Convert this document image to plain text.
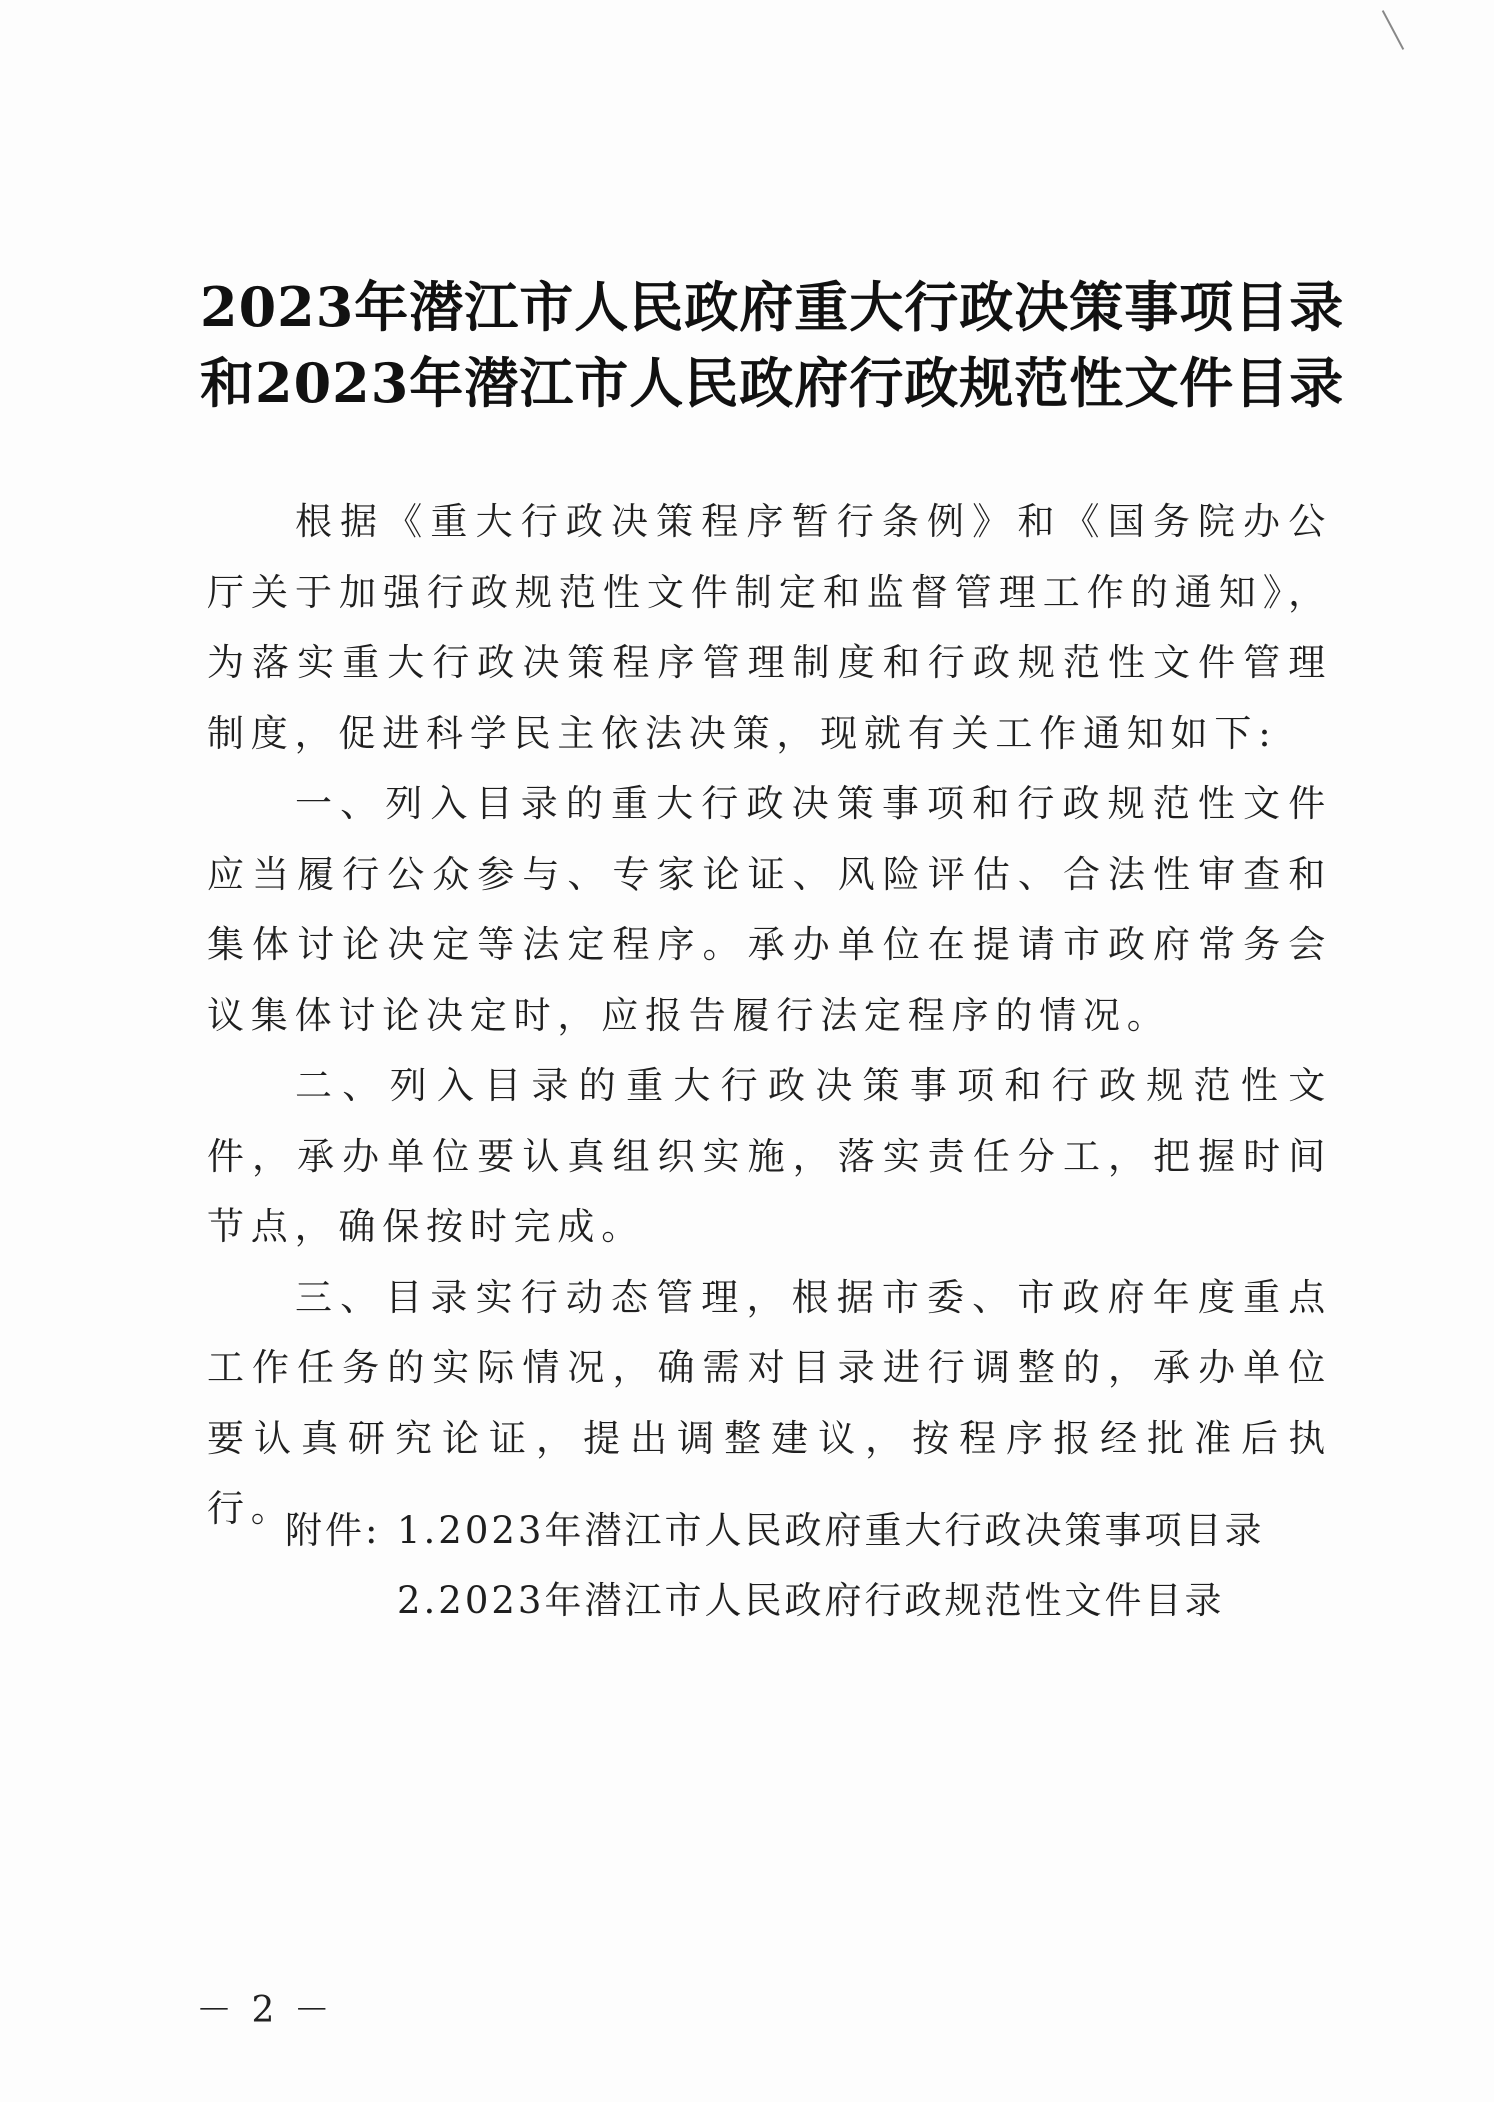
2023年潜江市人民政府重大行政决策事项目录
和2023年潜江市人民政府行政规范性文件目录

根据《重大行政决策程序暂行条例》和《国务院办公厅关于加强行政规范性文件制定和监督管理工作的通知》，为落实重大行政决策程序管理制度和行政规范性文件管理制度，促进科学民主依法决策，现就有关工作通知如下:

一、列入目录的重大行政决策事项和行政规范性文件应当履行公众参与、专家论证、风险评估、合法性审查和集体讨论决定等法定程序。承办单位在提请市政府常务会议集体讨论决定时，应报告履行法定程序的情况。

二、列入目录的重大行政决策事项和行政规范性文件，承办单位要认真组织实施，落实责任分工，把握时间节点，确保按时完成。

三、目录实行动态管理，根据市委、市政府年度重点工作任务的实际情况，确需对目录进行调整的，承办单位要认真研究论证，提出调整建议，按程序报经批准后执行。

附件: 1.2023年潜江市人民政府重大行政决策事项目录
2.2023年潜江市人民政府行政规范性文件目录
－ 2 －
